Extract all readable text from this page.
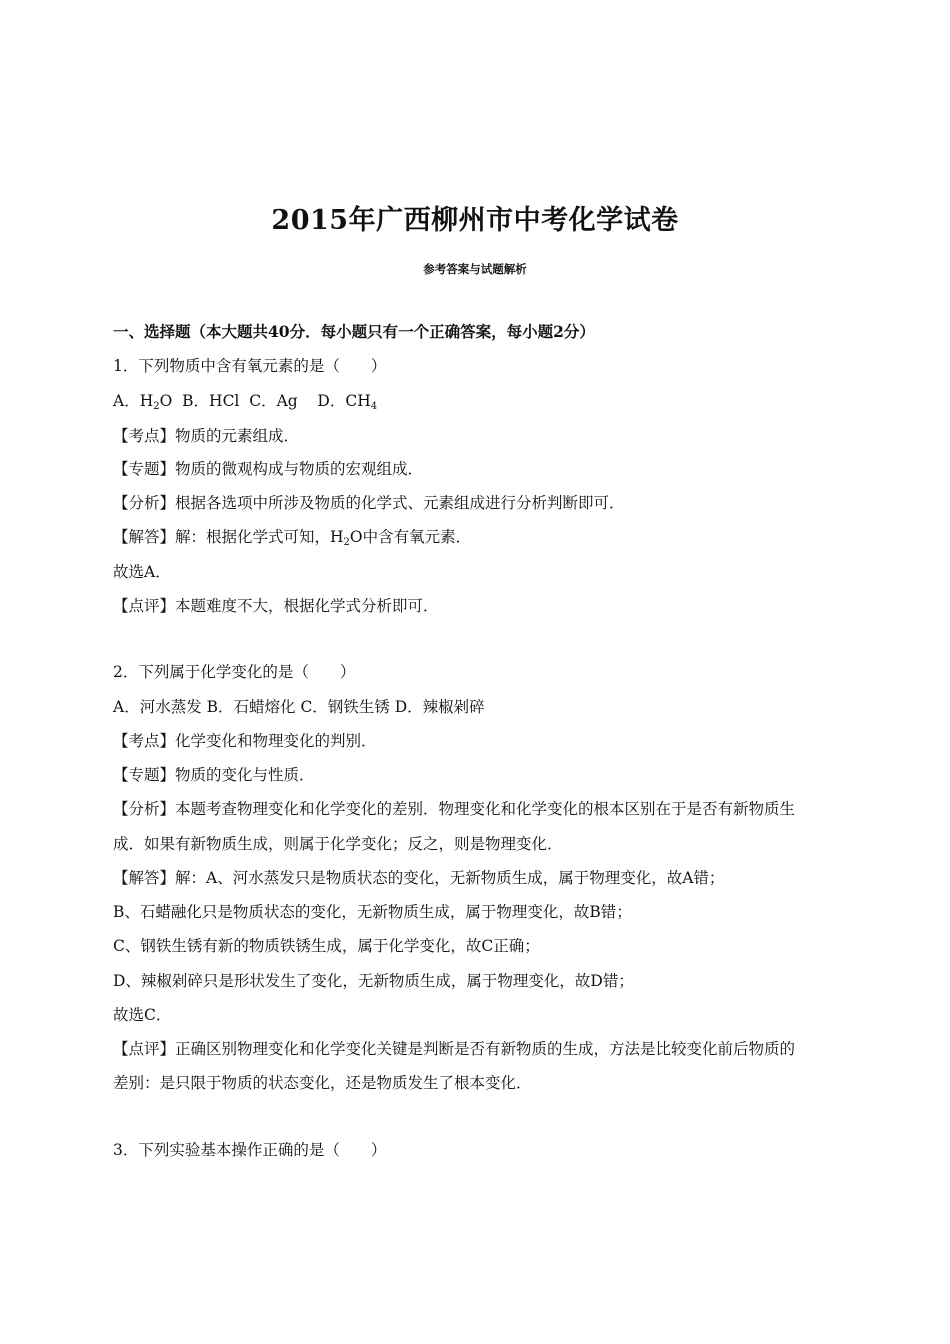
2015年广西柳州市中考化学试卷
参考答案与试题解析
一、选择题（本大题共40分．每小题只有一个正确答案，每小题2分）
1．下列物质中含有氧元素的是（　　）
A．$H_2O$  B．HCl  C．Ag    D．$CH_4$
【考点】物质的元素组成．
【专题】物质的微观构成与物质的宏观组成．
【分析】根据各选项中所涉及物质的化学式、元素组成进行分析判断即可．
【解答】解：根据化学式可知，$H_2O$中含有氧元素．
故选A．
【点评】本题难度不大，根据化学式分析即可．
2．下列属于化学变化的是（　　）
A．河水蒸发 B．石蜡熔化 C．钢铁生锈 D．辣椒剁碎
【考点】化学变化和物理变化的判别．
【专题】物质的变化与性质．
【分析】本题考查物理变化和化学变化的差别．物理变化和化学变化的根本区别在于是否有新物质生
成．如果有新物质生成，则属于化学变化；反之，则是物理变化．
【解答】解：A、河水蒸发只是物质状态的变化，无新物质生成，属于物理变化，故A错；
B、石蜡融化只是物质状态的变化，无新物质生成，属于物理变化，故B错；
C、钢铁生锈有新的物质铁锈生成，属于化学变化，故C正确；
D、辣椒剁碎只是形状发生了变化，无新物质生成，属于物理变化，故D错；
故选C．
【点评】正确区别物理变化和化学变化关键是判断是否有新物质的生成，方法是比较变化前后物质的
差别：是只限于物质的状态变化，还是物质发生了根本变化．
3．下列实验基本操作正确的是（　　）
